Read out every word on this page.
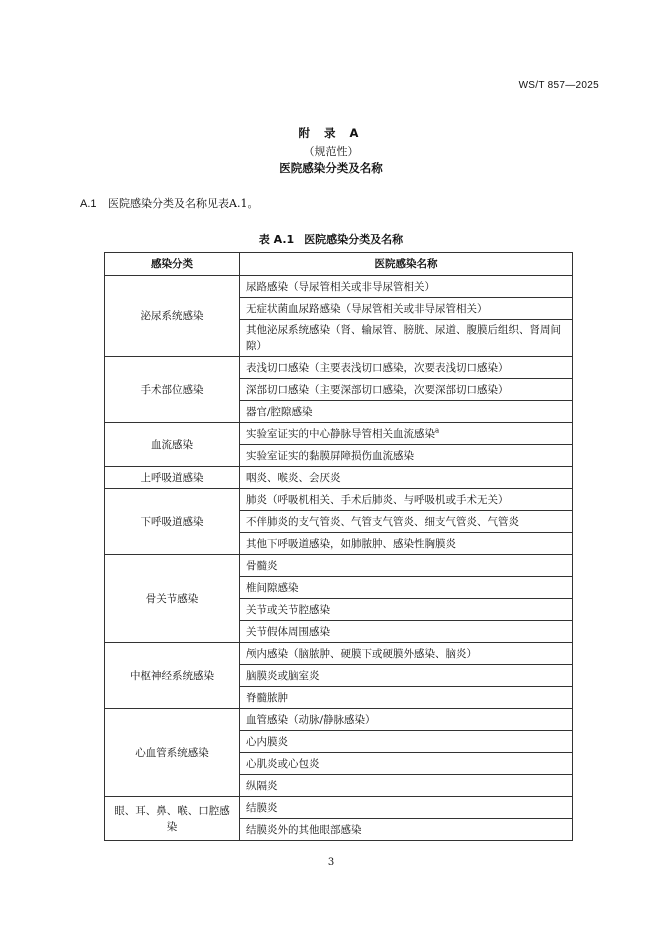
WS/T 857—2025
附 录 A
（规范性）
医院感染分类及名称
A.1 医院感染分类及名称见表A.1。
表 A.1 医院感染分类及名称
感染分类	医院感染名称
泌尿系统感染	尿路感染（导尿管相关或非导尿管相关）
	无症状菌血尿路感染（导尿管相关或非导尿管相关）
	其他泌尿系统感染（肾、输尿管、膀胱、尿道、腹膜后组织、肾周间隙）
手术部位感染	表浅切口感染（主要表浅切口感染，次要表浅切口感染）
	深部切口感染（主要深部切口感染，次要深部切口感染）
	器官/腔隙感染
血流感染	实验室证实的中心静脉导管相关血流感染$^a$
	实验室证实的黏膜屏障损伤血流感染
上呼吸道感染	咽炎、喉炎、会厌炎
下呼吸道感染	肺炎（呼吸机相关、手术后肺炎、与呼吸机或手术无关）
	不伴肺炎的支气管炎、气管支气管炎、细支气管炎、气管炎
	其他下呼吸道感染，如肺脓肿、感染性胸膜炎
骨关节感染	骨髓炎
	椎间隙感染
	关节或关节腔感染
	关节假体周围感染
中枢神经系统感染	颅内感染（脑脓肿、硬膜下或硬膜外感染、脑炎）
	脑膜炎或脑室炎
	脊髓脓肿
心血管系统感染	血管感染（动脉/静脉感染）
	心内膜炎
	心肌炎或心包炎
	纵隔炎
眼、耳、鼻、喉、口腔感染	结膜炎
	结膜炎外的其他眼部感染
3
